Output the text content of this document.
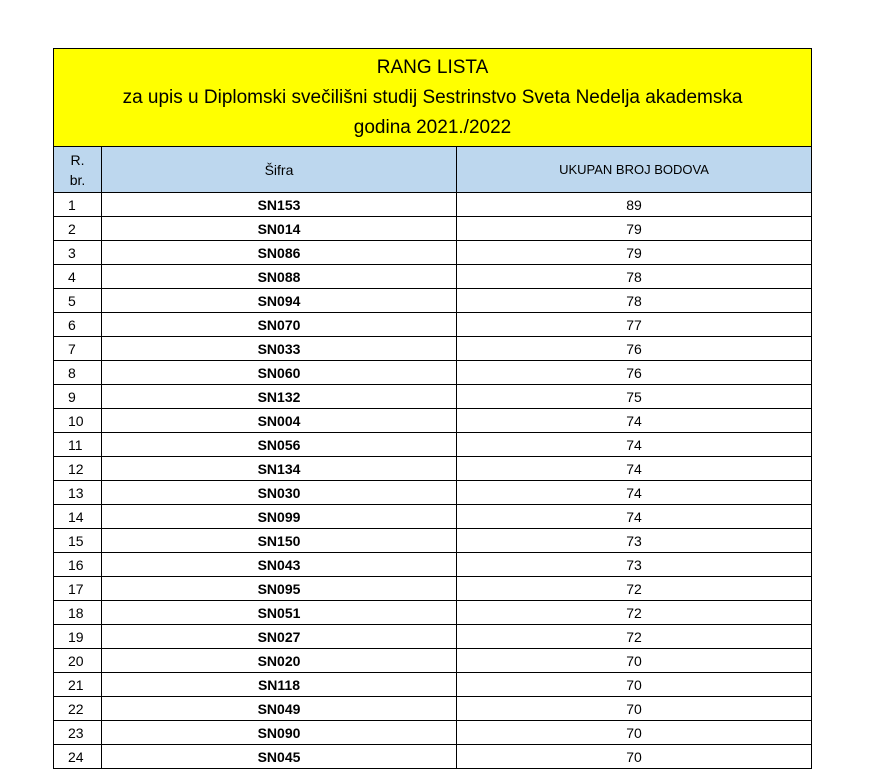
RANG LISTA
za upis u Diplomski svečilišni studij Sestrinstvo Sveta Nedelja akademska
godina 2021./2022		

R.
br.	Šifra	UKUPAN BROJ BODOVA
1	SN153	89
2	SN014	79
3	SN086	79
4	SN088	78
5	SN094	78
6	SN070	77
7	SN033	76
8	SN060	76
9	SN132	75
10	SN004	74
11	SN056	74
12	SN134	74
13	SN030	74
14	SN099	74
15	SN150	73
16	SN043	73
17	SN095	72
18	SN051	72
19	SN027	72
20	SN020	70
21	SN118	70
22	SN049	70
23	SN090	70
24	SN045	70
